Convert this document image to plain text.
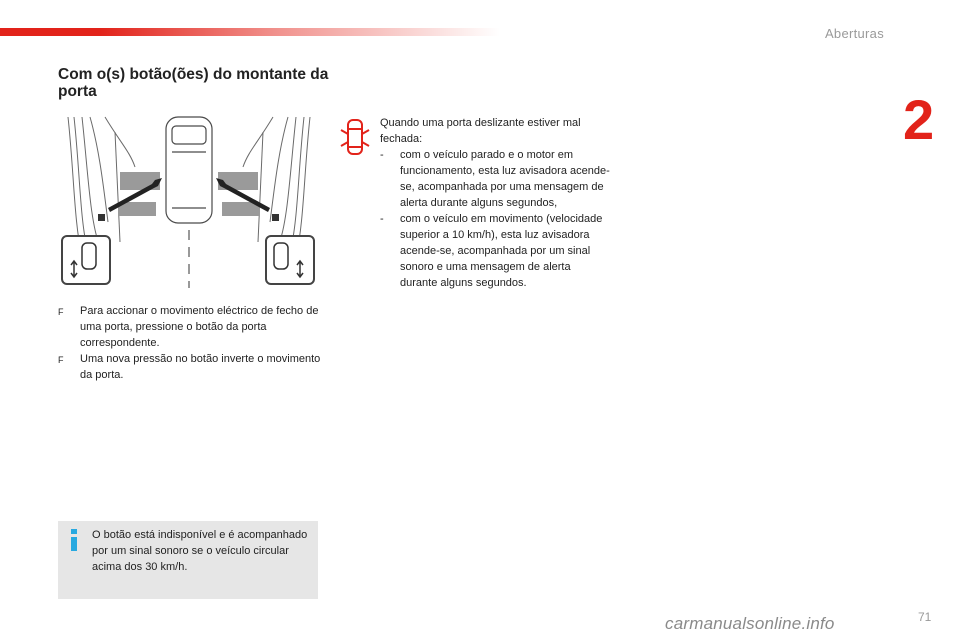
Aberturas
2
Com o(s) botão(ões) do montante da porta
F	Para accionar o movimento eléctrico de fecho de uma porta, pressione o botão da porta correspondente.
F	Uma nova pressão no botão inverte o movimento da porta.
Quando uma porta deslizante estiver mal fechada:
-	com o veículo parado e o motor em funcionamento, esta luz avisadora acende-se, acompanhada por uma mensagem de alerta durante alguns segundos,
-	com o veículo em movimento (velocidade superior a 10 km/h), esta luz avisadora acende-se, acompanhada por um sinal sonoro e uma mensagem de alerta durante alguns segundos.
O botão está indisponível e é acompanhado por um sinal sonoro se o veículo circular acima dos 30 km/h.
71
carmanualsonline.info
